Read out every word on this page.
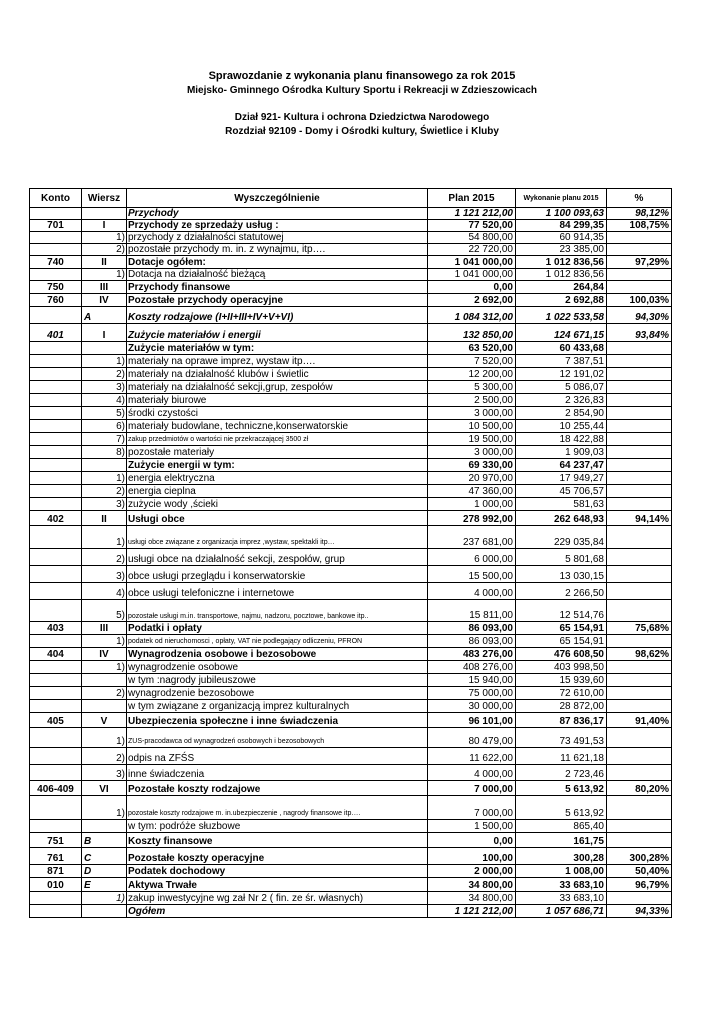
Sprawozdanie z wykonania planu finansowego za rok 2015
Miejsko- Gminnego Ośrodka Kultury Sportu i Rekreacji w Zdzieszowicach
Dział 921- Kultura i ochrona Dziedzictwa Narodowego
Rozdział 92109 - Domy i Ośrodki kultury, Świetlice i Kluby
Konto	Wiersz	Wyszczególnienie	Plan 2015	Wykonanie planu 2015	%
		Przychody	1 121 212,00	1 100 093,63	98,12%
701	I	Przychody ze sprzedaży usług :	77 520,00	84 299,35	108,75%
	1)	przychody z działalności statutowej	54 800,00	60 914,35	
	2)	pozostałe przychody m. in. z wynajmu, itp….	22 720,00	23 385,00	
740	II	Dotacje ogółem:	1 041 000,00	1 012 836,56	97,29%
	1)	Dotacja na działalność bieżącą	1 041 000,00	1 012 836,56	
750	III	Przychody finansowe	0,00	264,84	
760	IV	Pozostałe przychody operacyjne	2 692,00	2 692,88	100,03%
	A	Koszty rodzajowe (I+II+III+IV+V+VI)	1 084 312,00	1 022 533,58	94,30%
401	I	Zużycie materiałów i energii	132 850,00	124 671,15	93,84%
		Zużycie materiałów w tym:	63 520,00	60 433,68	
	1)	materiały na oprawe imprez, wystaw itp….	7 520,00	7 387,51	
	2)	materiały na działalność klubów i świetlic	12 200,00	12 191,02	
	3)	materiały na działalność sekcji,grup, zespołów	5 300,00	5 086,07	
	4)	materiały biurowe	2 500,00	2 326,83	
	5)	środki czystości	3 000,00	2 854,90	
	6)	materiały budowlane, techniczne,konserwatorskie	10 500,00	10 255,44	
	7)	zakup przedmiotów o wartości nie przekraczającej 3500 zł	19 500,00	18 422,88	
	8)	pozostałe materiały	3 000,00	1 909,03	
		Zużycie energii w tym:	69 330,00	64 237,47	
	1)	energia elektryczna	20 970,00	17 949,27	
	2)	energia cieplna	47 360,00	45 706,57	
	3)	zużycie wody ,ścieki	1 000,00	581,63	
402	II	Usługi obce	278 992,00	262 648,93	94,14%
	1)	usługi obce związane z organizacja imprez ,wystaw, spektakli itp…	237 681,00	229 035,84	
	2)	usługi obce na działalność sekcji, zespołów, grup	6 000,00	5 801,68	
	3)	obce usługi przeglądu i konserwatorskie	15 500,00	13 030,15	
	4)	obce usługi telefoniczne i internetowe	4 000,00	2 266,50	
	5)	pozostałe usługi m.in. transportowe, najmu, nadzoru, pocztowe, bankowe itp..	15 811,00	12 514,76	
403	III	Podatki i opłaty	86 093,00	65 154,91	75,68%
	1)	podatek od nieruchomosci , opłaty, VAT nie podlegający odliczeniu, PFRON	86 093,00	65 154,91	
404	IV	Wynagrodzenia osobowe i bezosobowe	483 276,00	476 608,50	98,62%
	1)	wynagrodzenie osobowe	408 276,00	403 998,50	
		w tym :nagrody jubileuszowe	15 940,00	15 939,60	
	2)	wynagrodzenie bezosobowe	75 000,00	72 610,00	
		w tym związane z organizacją imprez kulturalnych	30 000,00	28 872,00	
405	V	Ubezpieczenia społeczne i inne świadczenia	96 101,00	87 836,17	91,40%
	1)	ZUS-pracodawca od wynagrodzeń osobowych i bezosobowych	80 479,00	73 491,53	
	2)	odpis na ZFŚS	11 622,00	11 621,18	
	3)	inne świadczenia	4 000,00	2 723,46	
406-409	VI	Pozostałe koszty rodzajowe	7 000,00	5 613,92	80,20%
	1)	pozostałe koszty rodzajowe m. in.ubezpieczenie , nagrody finansowe itp….	7 000,00	5 613,92	
		w tym: podróże słuzbowe	1 500,00	865,40	
751	B	Koszty finansowe	0,00	161,75	
761	C	Pozostałe koszty operacyjne	100,00	300,28	300,28%
871	D	Podatek dochodowy	2 000,00	1 008,00	50,40%
010	E	Aktywa Trwałe	34 800,00	33 683,10	96,79%
	1)	zakup inwestycyjne wg zał Nr 2 ( fin. ze śr. własnych)	34 800,00	33 683,10	
		Ogółem	1 121 212,00	1 057 686,71	94,33%
